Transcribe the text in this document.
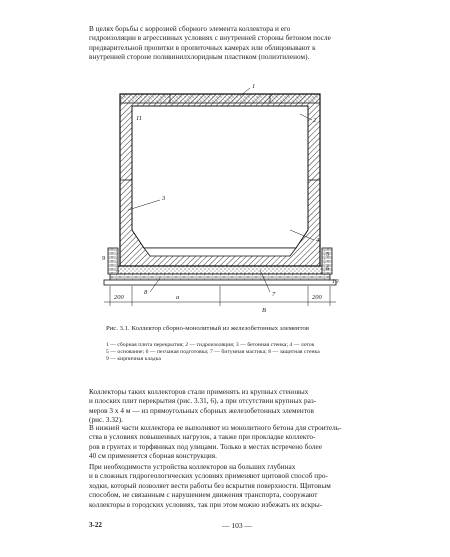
В целях борьбы с коррозией сборного элемента коллектора и его
гидроизоляции в агрессивных условиях с внутренней стороны бетоном после
предварительной пропитки в пропиточных камерах или облицовывают к
внутренней стороне поливинилхлоридным пластиком (полиэтиленом).
1
2
3
4
5
6
7
8
9
10
11
200	200
a
B
Рис. 3.1. Коллектор сборно-монолитный из железобетонных элементов
1 — сборная плита перекрытия; 2 — гидроизоляция; 3 — бетонная стенка; 4 — лоток
5 — основание; 6 — песчаная подготовка; 7 — битумная мастика; 8 — защитная стенка
9 — кирпичная кладка
Коллекторы таких коллекторов стали применять из крупных стеновых
и плоских плит перекрытия (рис. 3.31, 6), а при отсутствии крупных раз-
меров 3 x 4 м — из прямоугольных сборных железобетонных элементов
(рис. 3.32).
В нижней части коллектора ее выполняют из монолитного бетона для строитель-
ства в условиях повышенных нагрузок, а также при прокладке коллекто-
ров в грунтах и торфяниках под улицами. Только в местах встречено более
40 см применяется сборная конструкция.
При необходимости устройства коллекторов на больших глубинах
и в сложных гидрогеологических условиях применяют щитовой способ про-
ходки, который позволяет вести работы без вскрытия поверхности. Щитовым
способом, не связанным с нарушением движения транспорта, сооружают
коллекторы в городских условиях, так при этом можно избежать их вскры-
3-22	— 103 —
